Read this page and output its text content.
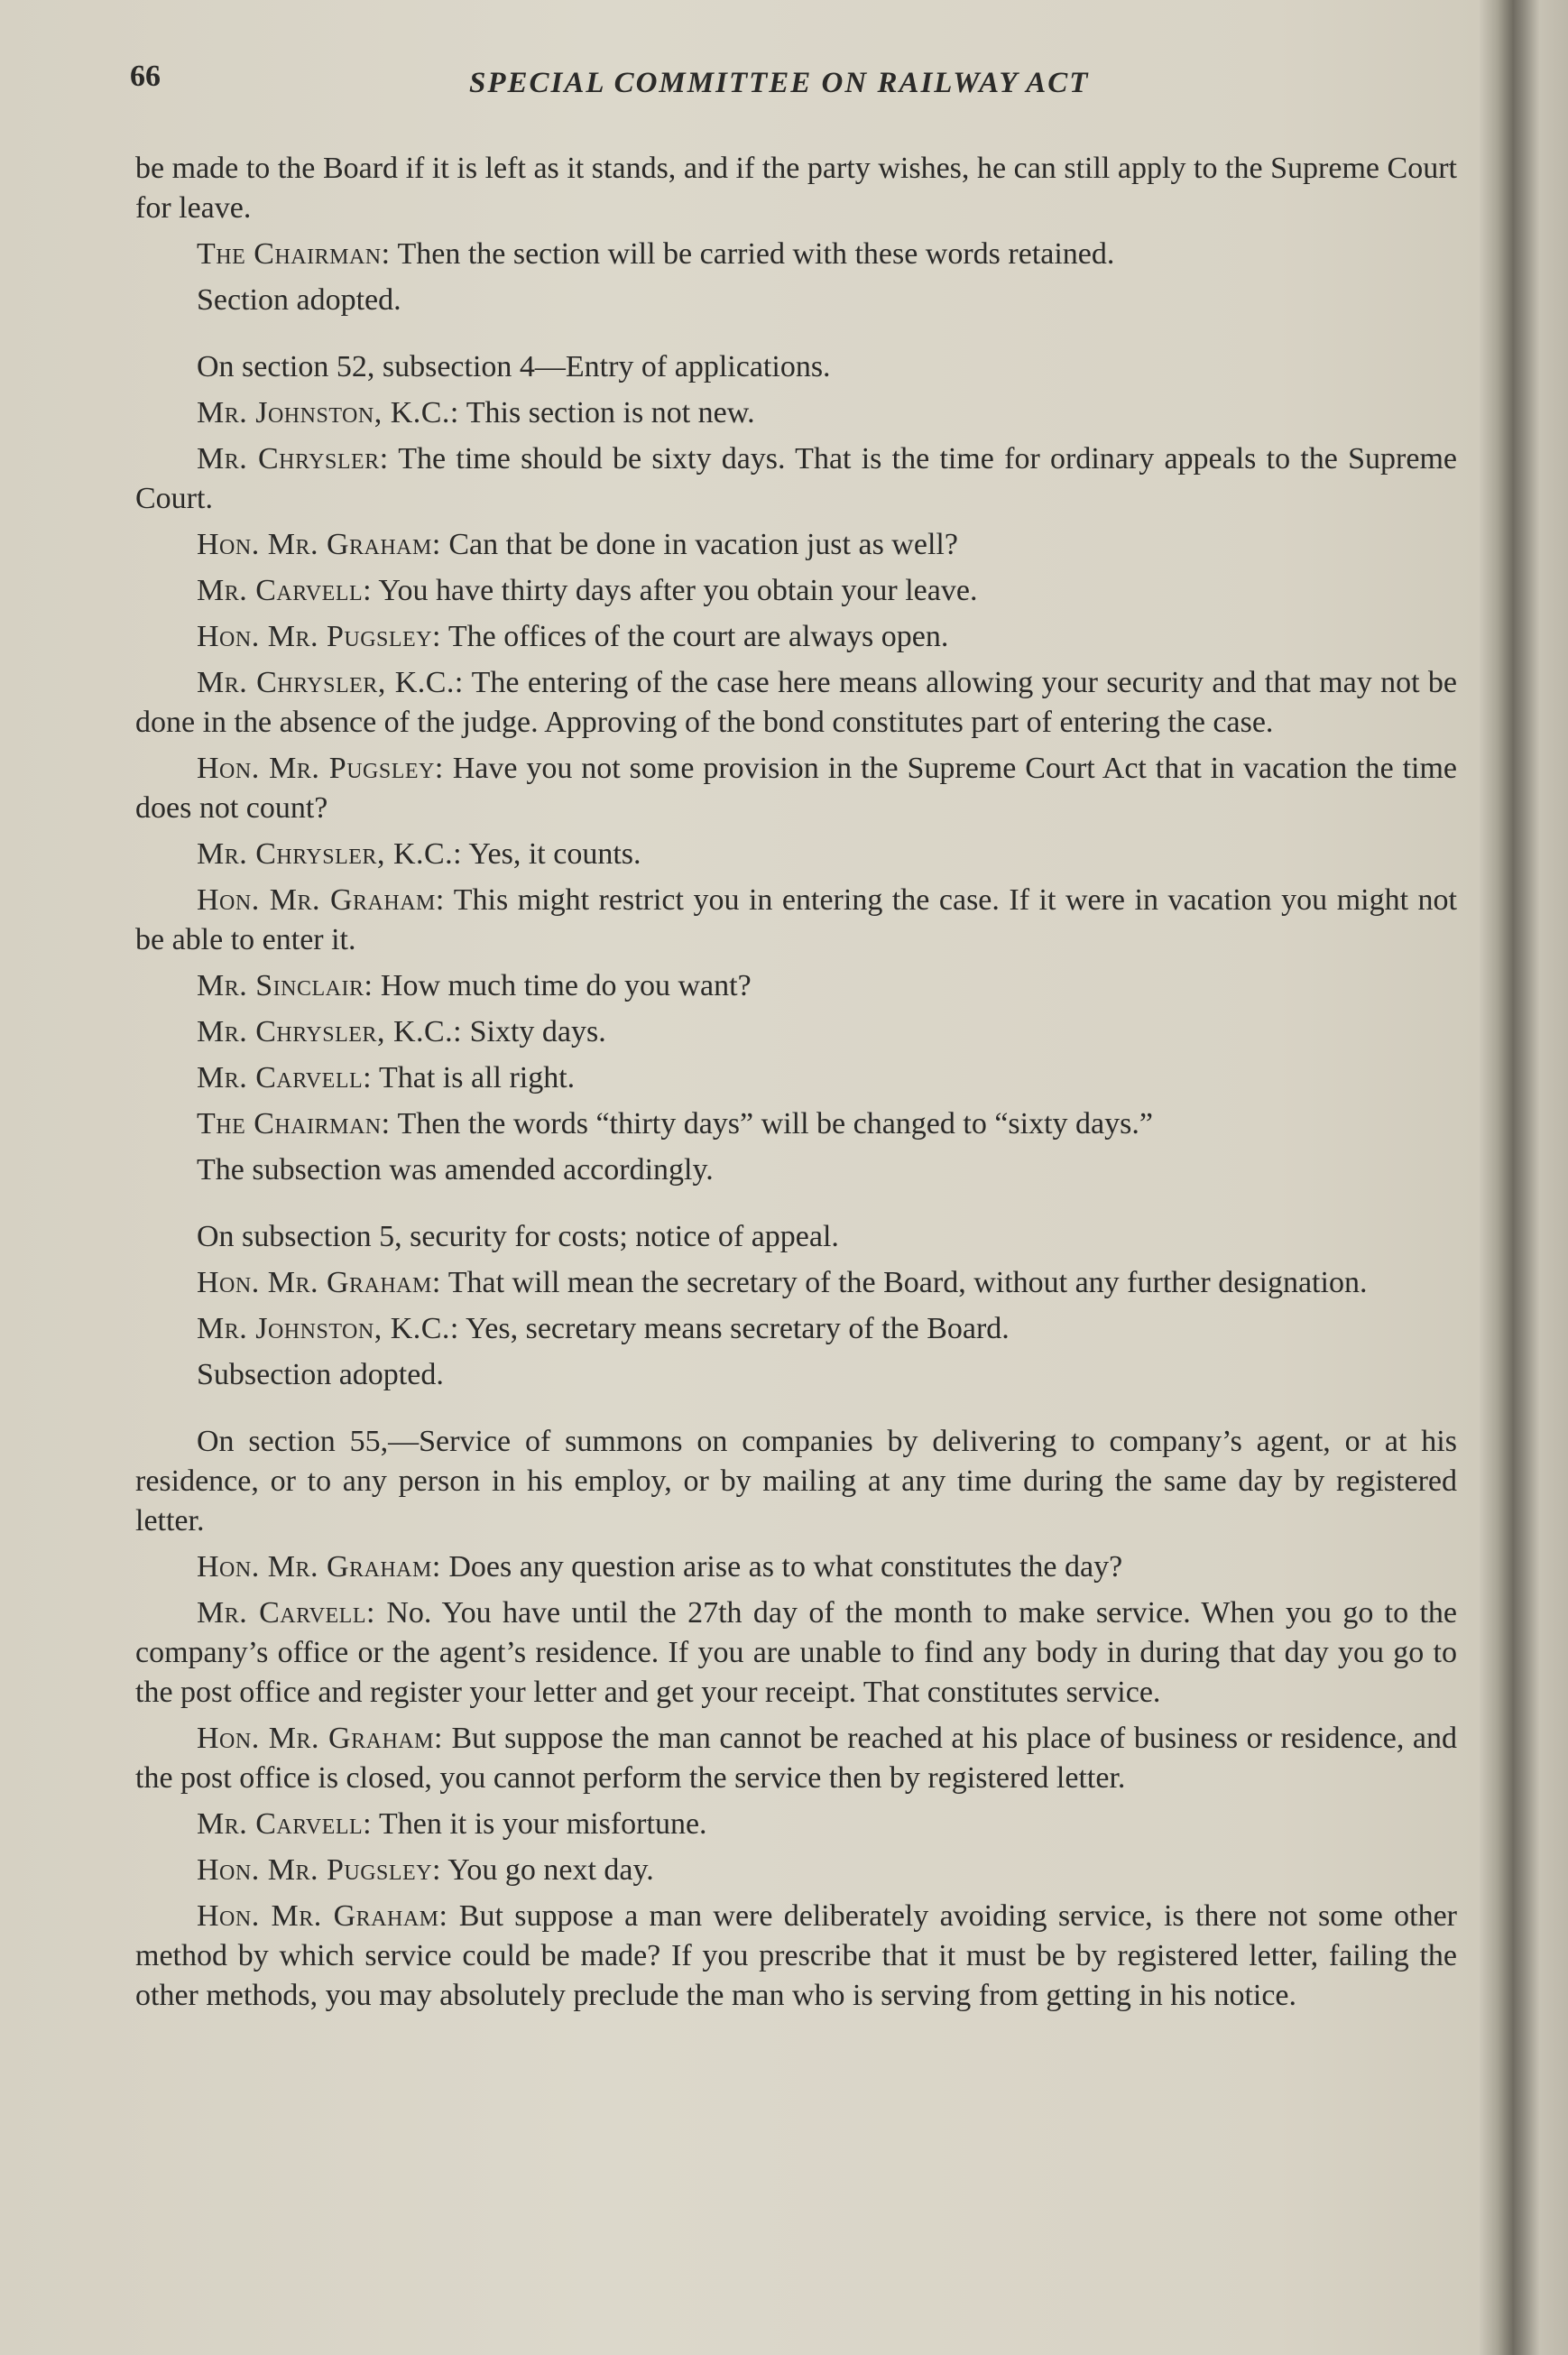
66	SPECIAL COMMITTEE ON RAILWAY ACT

be made to the Board if it is left as it stands, and if the party wishes, he can still apply to the Supreme Court for leave.

The Chairman: Then the section will be carried with these words retained.

Section adopted.

On section 52, subsection 4—Entry of applications.

Mr. Johnston, K.C.: This section is not new.

Mr. Chrysler: The time should be sixty days. That is the time for ordinary appeals to the Supreme Court.

Hon. Mr. Graham: Can that be done in vacation just as well?

Mr. Carvell: You have thirty days after you obtain your leave.

Hon. Mr. Pugsley: The offices of the court are always open.

Mr. Chrysler, K.C.: The entering of the case here means allowing your security and that may not be done in the absence of the judge. Approving of the bond constitutes part of entering the case.

Hon. Mr. Pugsley: Have you not some provision in the Supreme Court Act that in vacation the time does not count?

Mr. Chrysler, K.C.: Yes, it counts.

Hon. Mr. Graham: This might restrict you in entering the case. If it were in vacation you might not be able to enter it.

Mr. Sinclair: How much time do you want?

Mr. Chrysler, K.C.: Sixty days.

Mr. Carvell: That is all right.

The Chairman: Then the words “thirty days” will be changed to “sixty days.”

The subsection was amended accordingly.

On subsection 5, security for costs; notice of appeal.

Hon. Mr. Graham: That will mean the secretary of the Board, without any further designation.

Mr. Johnston, K.C.: Yes, secretary means secretary of the Board.

Subsection adopted.

On section 55,—Service of summons on companies by delivering to company’s agent, or at his residence, or to any person in his employ, or by mailing at any time during the same day by registered letter.

Hon. Mr. Graham: Does any question arise as to what constitutes the day?

Mr. Carvell: No. You have until the 27th day of the month to make service. When you go to the company’s office or the agent’s residence. If you are unable to find any body in during that day you go to the post office and register your letter and get your receipt. That constitutes service.

Hon. Mr. Graham: But suppose the man cannot be reached at his place of business or residence, and the post office is closed, you cannot perform the service then by registered letter.

Mr. Carvell: Then it is your misfortune.

Hon. Mr. Pugsley: You go next day.

Hon. Mr. Graham: But suppose a man were deliberately avoiding service, is there not some other method by which service could be made? If you prescribe that it must be by registered letter, failing the other methods, you may absolutely preclude the man who is serving from getting in his notice.
